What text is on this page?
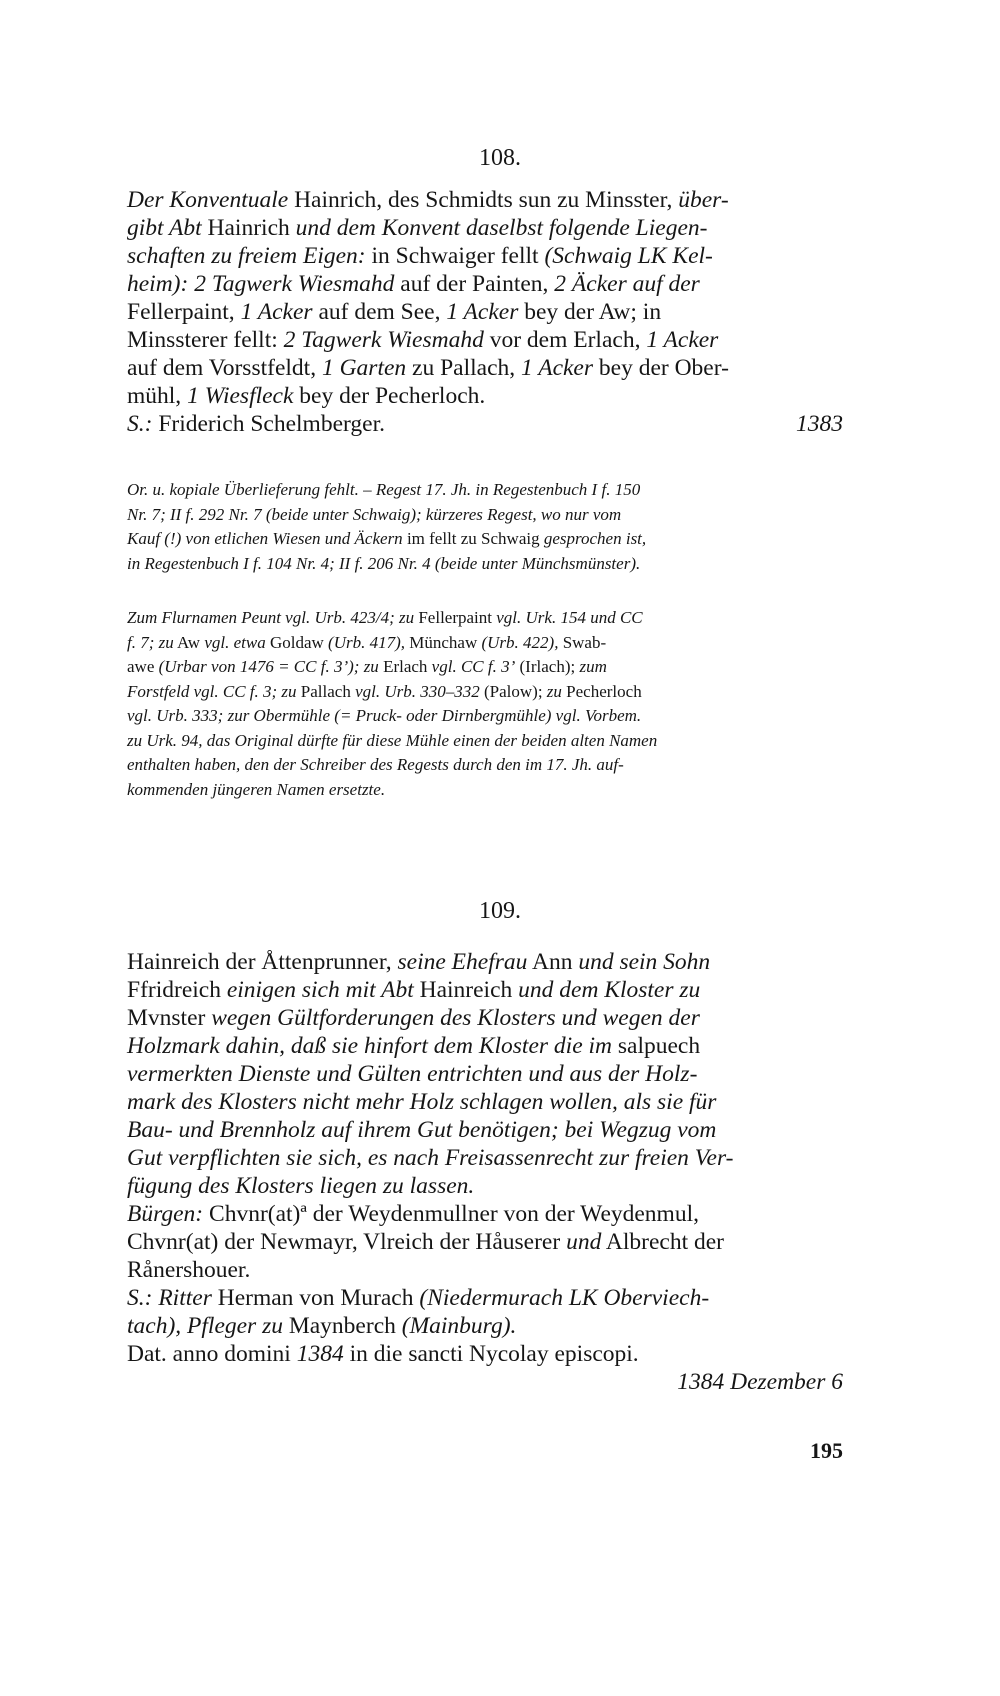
108.
Der Konventuale Hainrich, des Schmidts sun zu Minsster, über-
gibt Abt Hainrich und dem Konvent daselbst folgende Liegen-
schaften zu freiem Eigen: in Schwaiger fellt (Schwaig LK Kel-
heim): 2 Tagwerk Wiesmahd auf der Painten, 2 Äcker auf der
Fellerpaint, 1 Acker auf dem See, 1 Acker bey der Aw; in
Minssterer fellt: 2 Tagwerk Wiesmahd vor dem Erlach, 1 Acker
auf dem Vorsstfeldt, 1 Garten zu Pallach, 1 Acker bey der Ober-
mühl, 1 Wiesfleck bey der Pecherloch.
S.: Friderich Schelmberger.	1383
Or. u. kopiale Überlieferung fehlt. – Regest 17. Jh. in Regestenbuch I f. 150
Nr. 7; II f. 292 Nr. 7 (beide unter Schwaig); kürzeres Regest, wo nur vom
Kauf (!) von etlichen Wiesen und Äckern im fellt zu Schwaig gesprochen ist,
in Regestenbuch I f. 104 Nr. 4; II f. 206 Nr. 4 (beide unter Münchsmünster).
Zum Flurnamen Peunt vgl. Urb. 423/4; zu Fellerpaint vgl. Urk. 154 und CC
f. 7; zu Aw vgl. etwa Goldaw (Urb. 417), Münchaw (Urb. 422), Swab-
awe (Urbar von 1476 = CC f. 3’); zu Erlach vgl. CC f. 3’ (Irlach); zum
Forstfeld vgl. CC f. 3; zu Pallach vgl. Urb. 330–332 (Palow); zu Pecherloch
vgl. Urb. 333; zur Obermühle (= Pruck- oder Dirnbergmühle) vgl. Vorbem.
zu Urk. 94, das Original dürfte für diese Mühle einen der beiden alten Namen
enthalten haben, den der Schreiber des Regests durch den im 17. Jh. auf-
kommenden jüngeren Namen ersetzte.
109.
Hainreich der Åttenprunner, seine Ehefrau Ann und sein Sohn
Ffridreich einigen sich mit Abt Hainreich und dem Kloster zu
Mvnster wegen Gültforderungen des Klosters und wegen der
Holzmark dahin, daß sie hinfort dem Kloster die im salpuech
vermerkten Dienste und Gülten entrichten und aus der Holz-
mark des Klosters nicht mehr Holz schlagen wollen, als sie für
Bau- und Brennholz auf ihrem Gut benötigen; bei Wegzug vom
Gut verpflichten sie sich, es nach Freisassenrecht zur freien Ver-
fügung des Klosters liegen zu lassen.
Bürgen: Chvnr(at)ª der Weydenmullner von der Weydenmul,
Chvnr(at) der Newmayr, Vlreich der Håuserer und Albrecht der
Rånershouer.
S.: Ritter Herman von Murach (Niedermurach LK Oberviech-
tach), Pfleger zu Maynberch (Mainburg).
Dat. anno domini 1384 in die sancti Nycolay episcopi.
1384 Dezember 6
195
